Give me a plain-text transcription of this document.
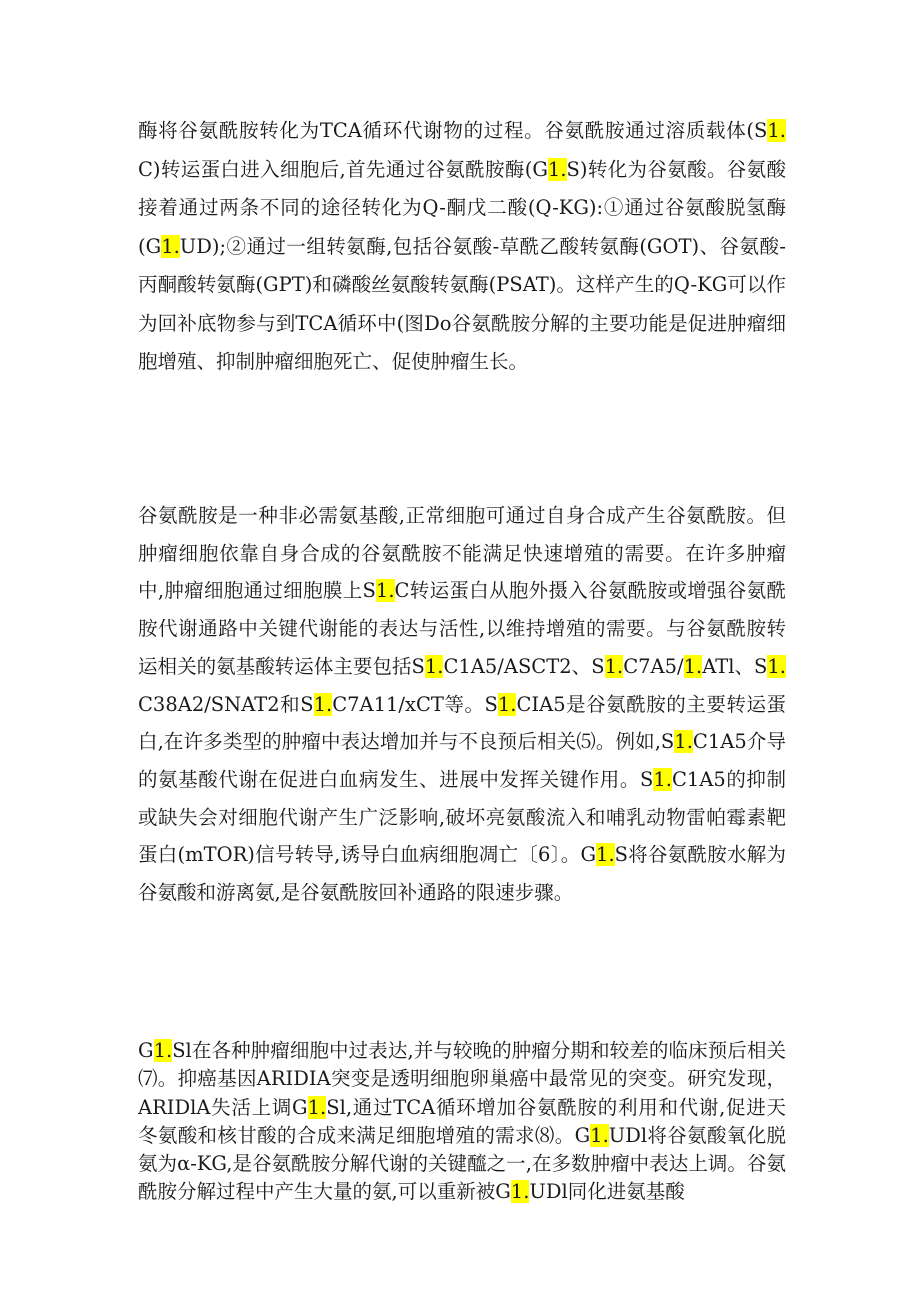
酶将谷氨酰胺转化为TCA循环代谢物的过程。谷氨酰胺通过溶质载体(S1.C)转运蛋白进入细胞后,首先通过谷氨酰胺酶(G1.S)转化为谷氨酸。谷氨酸接着通过两条不同的途径转化为Q-酮戊二酸(Q-KG):①通过谷氨酸脱氢酶(G1.UD);②通过一组转氨酶,包括谷氨酸-草酰乙酸转氨酶(GOT)、谷氨酸-丙酮酸转氨酶(GPT)和磷酸丝氨酸转氨酶(PSAT)。这样产生的Q-KG可以作为回补底物参与到TCA循环中(图Do谷氨酰胺分解的主要功能是促进肿瘤细胞增殖、抑制肿瘤细胞死亡、促使肿瘤生长。

谷氨酰胺是一种非必需氨基酸,正常细胞可通过自身合成产生谷氨酰胺。但肿瘤细胞依靠自身合成的谷氨酰胺不能满足快速增殖的需要。在许多肿瘤中,肿瘤细胞通过细胞膜上S1.C转运蛋白从胞外摄入谷氨酰胺或增强谷氨酰胺代谢通路中关键代谢能的表达与活性,以维持增殖的需要。与谷氨酰胺转运相关的氨基酸转运体主要包括S1.C1A5/ASCT2、S1.C7A5/1.ATl、S1.C38A2/SNAT2和S1.C7A11∕xCT等。S1.CIA5是谷氨酰胺的主要转运蛋白,在许多类型的肿瘤中表达增加并与不良预后相关⑸。例如,S1.C1A5介导的氨基酸代谢在促进白血病发生、进展中发挥关键作用。S1.C1A5的抑制或缺失会对细胞代谢产生广泛影响,破坏亮氨酸流入和哺乳动物雷帕霉素靶蛋白(mTOR)信号转导,诱导白血病细胞凋亡〔6〕。G1.S将谷氨酰胺水解为谷氨酸和游离氨,是谷氨酰胺回补通路的限速步骤。

G1.Sl在各种肿瘤细胞中过表达,并与较晚的肿瘤分期和较差的临床预后相关⑺。抑癌基因ARIDIA突变是透明细胞卵巢癌中最常见的突变。研究发现，ARIDlA失活上调G1.Sl,通过TCA循环增加谷氨酰胺的利用和代谢,促进天冬氨酸和核甘酸的合成来满足细胞增殖的需求⑻。G1.UDl将谷氨酸氧化脱氨为α-KG,是谷氨酰胺分解代谢的关键醯之一,在多数肿瘤中表达上调。谷氨酰胺分解过程中产生大量的氨,可以重新被G1.UDl同化进氨基酸
